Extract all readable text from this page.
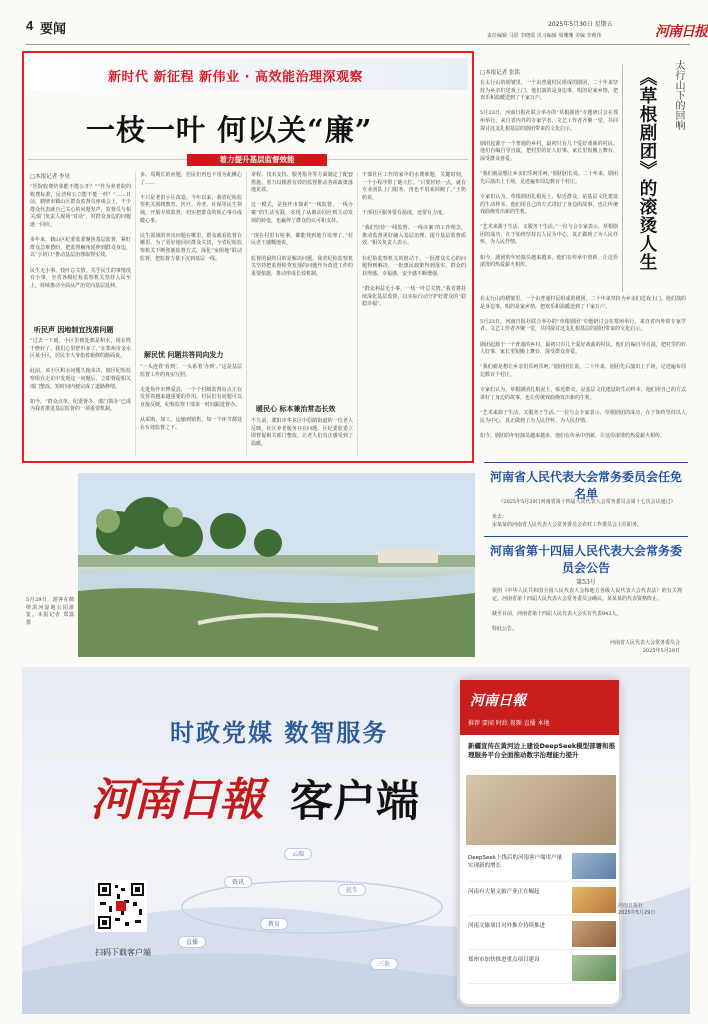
4 要闻	2025年5月30日 星期五
责任编辑 马湛 李晓霞 见习编辑 周珊珊 美编 李莉伟	河南日报
新时代 新征程 新伟业 · 高效能治理深观察
一枝一叶 何以关“廉”
着力提升基层监督效能
□本报记者 李昊
“医院收费结果能不能公开？”“作为养老院的收费标准，民营和公立能不能一样？”……日前，鹤壁市鹤山区群众监督员座谈会上，不少群众代表就自己关心的问题发声，监督员与相关部门负责人现场“对话”，对群众身边的问题逐一回应。

多年来，鹤山区纪委监委聚焦基层监督，紧盯群众急难愁盼，把监督触角延伸到群众身边，以“小切口”推动基层治理取得实效。

民生无小事，枝叶总关情。关乎民生的事情没有小事，全省各级纪检监察机关坚持人民至上，持续推动全面从严治党向基层延伸。
听民声 因地制宜找准问题
“过去一下雨，小区里到处都是积水，现在终于修好了，我们心里舒坦多了。”在郑州市金水区某小区，居民李大爷指着新修的路面说。

此前，该小区积水问题久拖未决，辖区纪检监察组在走访中发现这一问题后，立即督促相关部门整改，短时间内便完成了道路修缮。

如今，“群众点单、纪委督办、部门领办”已成为我省推进基层监督的一项重要机制。
多、周期长的问题，居民们再也不用为此揪心了……

不只是老旧小区改造。今年以来，我省纪检监察机关围绕教育、医疗、养老、社保等民生领域，开展专项监督，切实把群众的烦心事办成暖心事。

民生领域的突出问题在哪里，群众就看监督在哪里。为了更好地回应群众关切，全省纪检监察机关不断创新监督方式，深化“室组地”联动监督，把监督力量下沉到基层一线。
解民忧 问题共答同向发力
“一头连着‘看到’，一头系着‘办到’。”这是基层监督工作的真实写照。

走进焦作市博爱县，一个个村级监督站点正在发挥着越来越重要的作用。村民们有问题可以直接反映，纪检监察干部第一时间跟进督办。

从采购、加工、运输到销售，每一个环节都处在有效监督之下。
章程、技术支持、服务指导等方面制定了配套措施，着力以精准有效的监督推动各项政策落地见效。

这一模式，是焦作市探索“一线监督、一线办案”的生动实践，实现了从被动回应到主动发现的转变，也赢得了群众的认可和支持。

“现在村里有啥事，都能找到地方说理了。”村民老王感慨地说。

监督的最终目的是解决问题。我省纪检监察机关坚持把监督检查发现的问题作为改进工作的重要依据，推动形成长效机制。
暖民心 标本兼治常态长效
不久前，濮阳市华龙区中原路街道的一位老人反映，社区养老服务存在问题。区纪委监委立即督促相关部门整改，让老人们真正感受到了温暖。
干部社区工作的家中的水费难题，关键时刻，一个小程序帮了她大忙。“只要轻轻一点，就有专业团队上门服务，再也不用来回跑了。”王奶奶说。

干部社区服务要有温度，还要有力度。

“我们坚持‘一线监督、一线办案’的工作理念，推动监督更好融入基层治理，提升基层监督质效。”相关负责人表示。

在纪检监察机关的推动下，一批群众关心的问题得到解决，一批惠民政策得到落实，群众的获得感、幸福感、安全感不断增强。

“群众利益无小事，一枝一叶总关情。”我省将持续深化基层监督，以实际行动守护好群众的“稳稳幸福”。
□本报记者 张铭
在太行山的褶皱里，一个由普通村民组成的剧团，二十年来坚持为乡亲们送戏上门。他们演的是身边事，唱的是家乡情，把欢乐和温暖送到了千家万户。

5月23日，河南日报社联合举办的“草根剧团”专题研讨会在郑州举行。来自省内外的专家学者、文艺工作者齐聚一堂，共同探讨这支扎根基层的剧团带来的文化启示。

剧团起源于一个普通的乡村，最初只有几个爱好戏曲的村民。他们自编自导自演，把村里的好人好事、家长里短搬上舞台，深受群众喜爱。

“我们就是想让乡亲们乐呵乐呵。”剧团团长说。二十年来，剧团先后演出上千场，足迹遍布周边数百个村庄。

专家们认为，草根剧团扎根泥土、贴近群众，是基层文化建设的生动样本。他们用自己的方式讲好了身边的故事，也让传统戏曲焕发出新的生机。

“艺术来源于生活，又服务于生活。”一位与会专家表示，草根剧团的成功，在于始终坚持以人民为中心，真正做到了为人民抒怀、为人民抒情。

如今，剧团的年轻演员越来越多，他们在传承中创新，让这份滚烫的热爱薪火相传。	《草根剧团》的滚烫人生	太行山下的回响
在太行山的褶皱里，一个由普通村民组成的剧团，二十年来坚持为乡亲们送戏上门。他们演的是身边事，唱的是家乡情，把欢乐和温暖送到了千家万户。

5月23日，河南日报社联合举办的“草根剧团”专题研讨会在郑州举行。来自省内外的专家学者、文艺工作者齐聚一堂，共同探讨这支扎根基层的剧团带来的文化启示。

剧团起源于一个普通的乡村，最初只有几个爱好戏曲的村民。他们自编自导自演，把村里的好人好事、家长里短搬上舞台，深受群众喜爱。

“我们就是想让乡亲们乐呵乐呵。”剧团团长说。二十年来，剧团先后演出上千场，足迹遍布周边数百个村庄。

专家们认为，草根剧团扎根泥土、贴近群众，是基层文化建设的生动样本。他们用自己的方式讲好了身边的故事，也让传统戏曲焕发出新的生机。

“艺术来源于生活，又服务于生活。”一位与会专家表示，草根剧团的成功，在于始终坚持以人民为中心，真正做到了为人民抒怀、为人民抒情。

如今，剧团的年轻演员越来越多，他们在传承中创新，让这份滚烫的热爱薪火相传。
河南省人民代表大会常务委员会任免名单
（2025年5月29日河南省第十四届人民代表大会常务委员会第十七次会议通过）
免去：
宋某某的河南省人民代表大会常务委员会农村工作委员会主任职务。
河南省第十四届人民代表大会常务委员会公告
第53号
依照《中华人民共和国全国人民代表大会和地方各级人民代表大会代表法》的有关规定，河南省第十四届人民代表大会常务委员会确认，某某某的代表资格终止。

截至目前，河南省第十四届人民代表大会实有代表942人。

特此公告。
河南省人民代表大会常务委员会
2025年5月29日
5月29日，游客在鹤壁淇河湿地公园游览。本报记者 郑露 摄
时政党媒 数智服务
河南日報 客户端
云端
资讯
教育
民生
三农
直播
扫码下载客户端
河南日報
推荐 要闻 时政 视频 直播 本地
新疆宣传在黄河边上建设DeepSeek模型部署和推理服务平台全面推动数字治理能力提升
DeepSeek上线后的河南客户端用户量实现新的增长
河南有大量文旅产业正在崛起
河南文旅项目对外推介持续推进
郑州市加快推进重点项目建设
河南日报社
2025年5月29日
